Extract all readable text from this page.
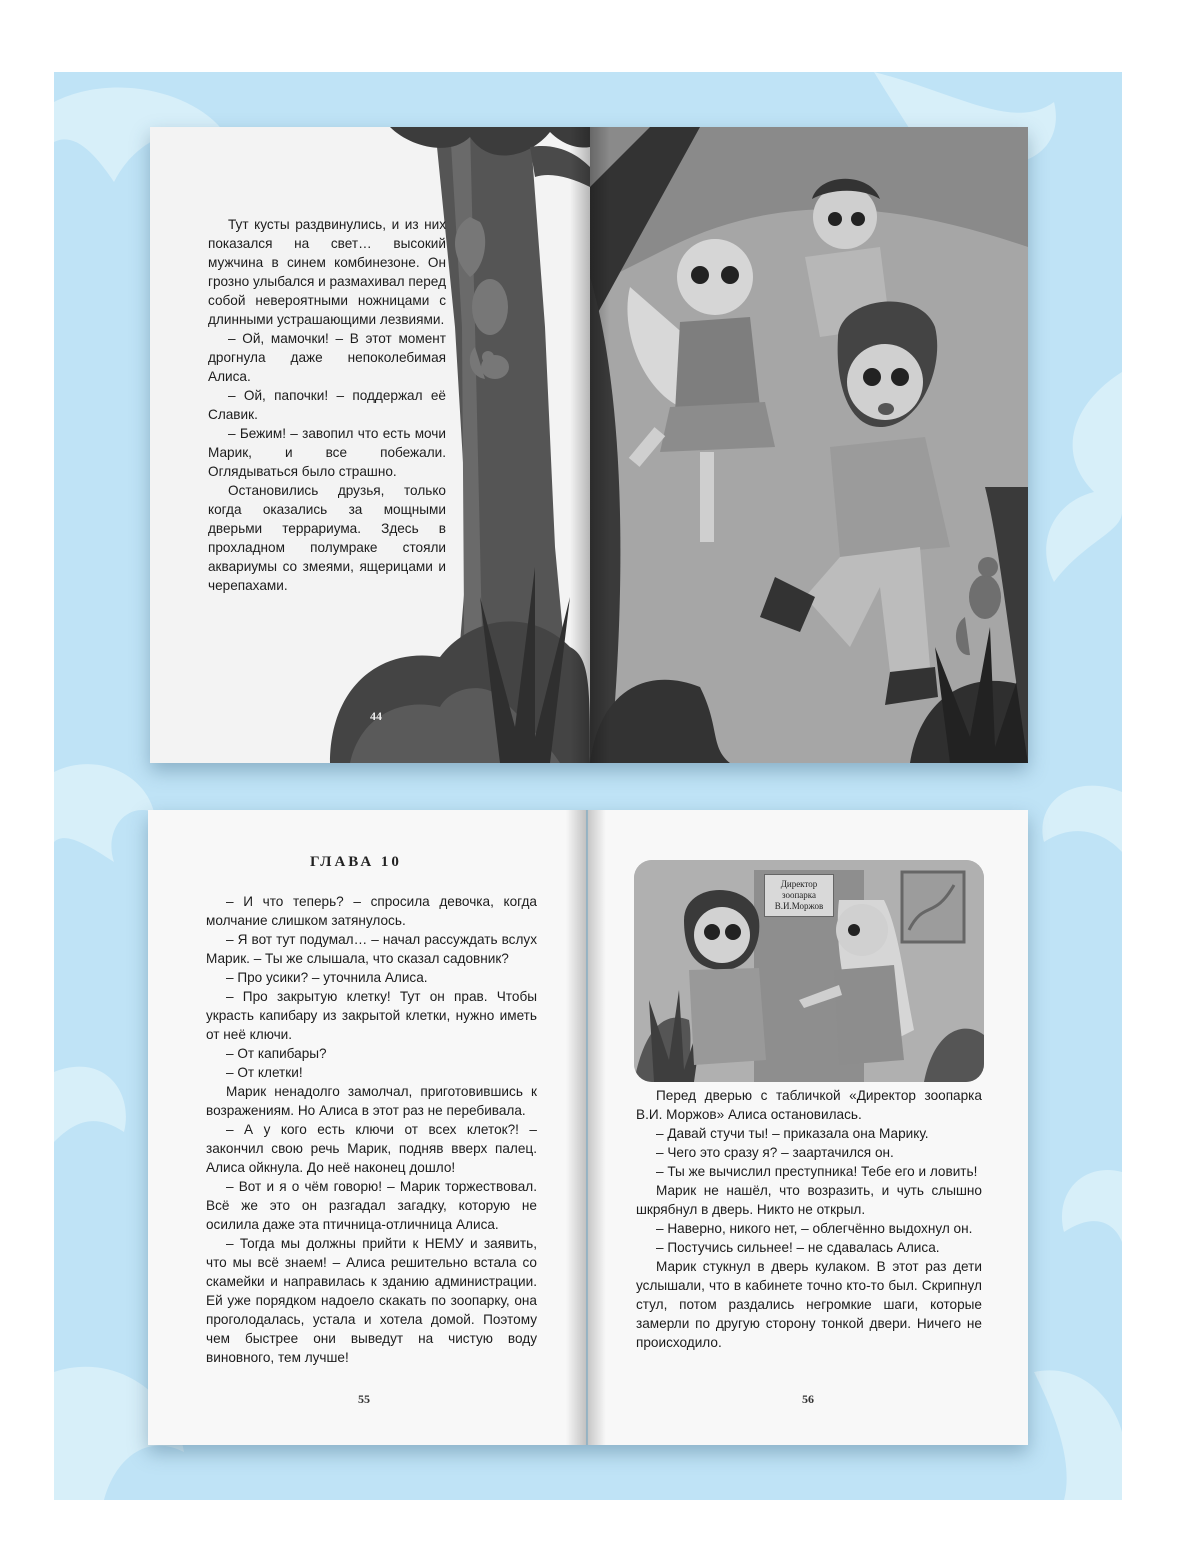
Тут кусты раздвинулись, и из них показался на свет… высокий мужчина в синем комбинезоне. Он грозно улыбался и размахивал перед собой невероятными ножницами с длинными устрашающими лезвиями.

– Ой, мамочки! – В этот момент дрогнула даже непоколебимая Алиса.

– Ой, папочки! – поддержал её Славик.

– Бежим! – завопил что есть мочи Марик, и все побежали. Оглядываться было страшно.

Остановились друзья, только когда оказались за мощными дверьми террариума. Здесь в прохладном полумраке стояли аквариумы со змеями, ящерицами и черепахами.

44
ГЛАВА 10

– И что теперь? – спросила девочка, когда молчание слишком затянулось.

– Я вот тут подумал… – начал рассуждать вслух Марик. – Ты же слышала, что сказал садовник?

– Про усики? – уточнила Алиса.

– Про закрытую клетку! Тут он прав. Чтобы украсть капибару из закрытой клетки, нужно иметь от неё ключи.

– От капибары?

– От клетки!

Марик ненадолго замолчал, приготовившись к возражениям. Но Алиса в этот раз не перебивала.

– А у кого есть ключи от всех клеток?! – закончил свою речь Марик, подняв вверх палец. Алиса ойкнула. До неё наконец дошло!

– Вот и я о чём говорю! – Марик торжествовал. Всё же это он разгадал загадку, которую не осилила даже эта птичница-отличница Алиса.

– Тогда мы должны прийти к НЕМУ и заявить, что мы всё знаем! – Алиса решительно встала со скамейки и направилась к зданию администрации. Ей уже порядком надоело скакать по зоопарку, она проголодалась, устала и хотела домой. Поэтому чем быстрее они выведут на чистую воду виновного, тем лучше!

55
Директор зоопарка В.И.Моржов

Перед дверью с табличкой «Директор зоопарка В.И. Моржов» Алиса остановилась.

– Давай стучи ты! – приказала она Марику.

– Чего это сразу я? – заартачился он.

– Ты же вычислил преступника! Тебе его и ловить!

Марик не нашёл, что возразить, и чуть слышно шкрябнул в дверь. Никто не открыл.

– Наверно, никого нет, – облегчённо выдохнул он.

– Постучись сильнее! – не сдавалась Алиса.

Марик стукнул в дверь кулаком. В этот раз дети услышали, что в кабинете точно кто-то был. Скрипнул стул, потом раздались негромкие шаги, которые замерли по другую сторону тонкой двери. Ничего не происходило.

56
